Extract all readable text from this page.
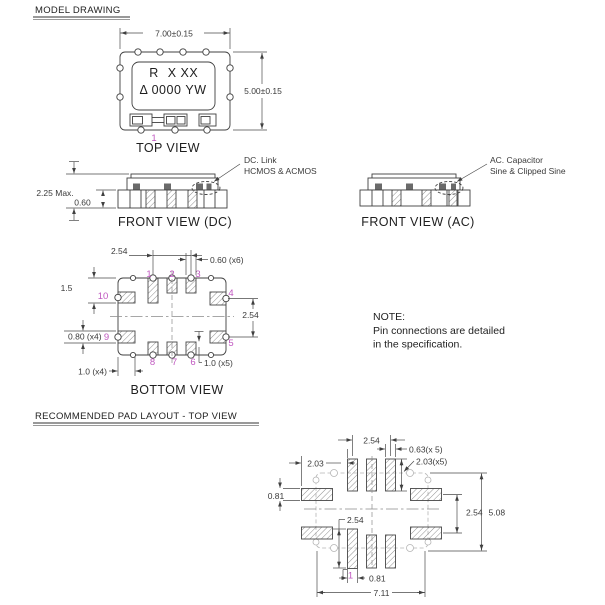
MODEL DRAWING
7.00±0.15
5.00±0.15
R X XX
Δ 0000 YW
1
TOP VIEW
DC. Link
HCMOS & ACMOS
2.25 Max.
0.60
FRONT VIEW (DC)
AC. Capacitor
Sine & Clipped Sine
FRONT VIEW (AC)
1 2 3
4
5
6
7
8
9
10
2.54
0.60 (x6)
1.5
0.80 (x4)
2.54
1.0 (x5)
1.0 (x4)
BOTTOM VIEW
NOTE:
Pin connections are detailed
in the specification.
RECOMMENDED PAD LAYOUT - TOP VIEW
2.54
0.63(x 5)
2.03	2.03(x5)
0.81
2.54
1 0.81
7.11
2.54 5.08
